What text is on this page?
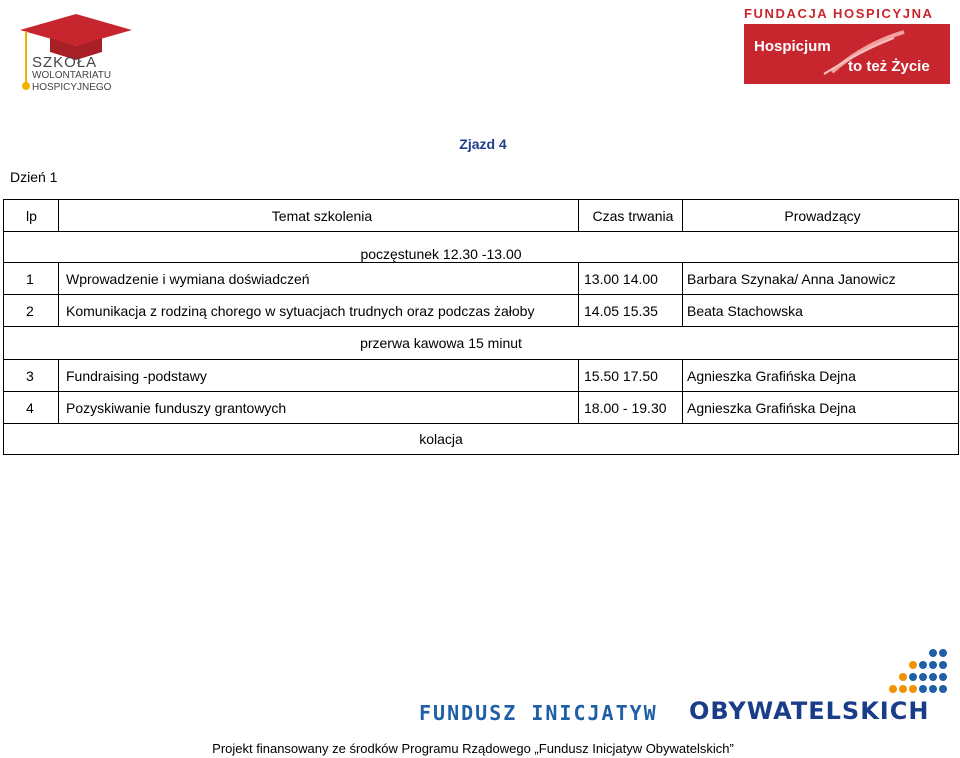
SZKOŁA
WOLONTARIATU
HOSPICYJNEGO
FUNDACJA HOSPICYJNA
Hospicjum
to też Życie
Zjazd 4
Dzień 1
lp	Temat szkolenia	Czas trwania	Prowadzący
poczęstunek 12.30 -13.00			
1	Wprowadzenie i wymiana doświadczeń	13.00 14.00	Barbara Szynaka/ Anna Janowicz
2	Komunikacja z rodziną chorego w sytuacjach trudnych oraz podczas żałoby	14.05 15.35	Beata Stachowska
przerwa kawowa 15 minut			
3	Fundraising -podstawy	15.50 17.50	Agnieszka Grafińska Dejna
4	Pozyskiwanie funduszy grantowych	18.00 - 19.30	Agnieszka Grafińska Dejna
kolacja			
FUNDUSZ INICJATYW OBYWATELSKICH
Projekt finansowany ze środków Programu Rządowego „Fundusz Inicjatyw Obywatelskich”
